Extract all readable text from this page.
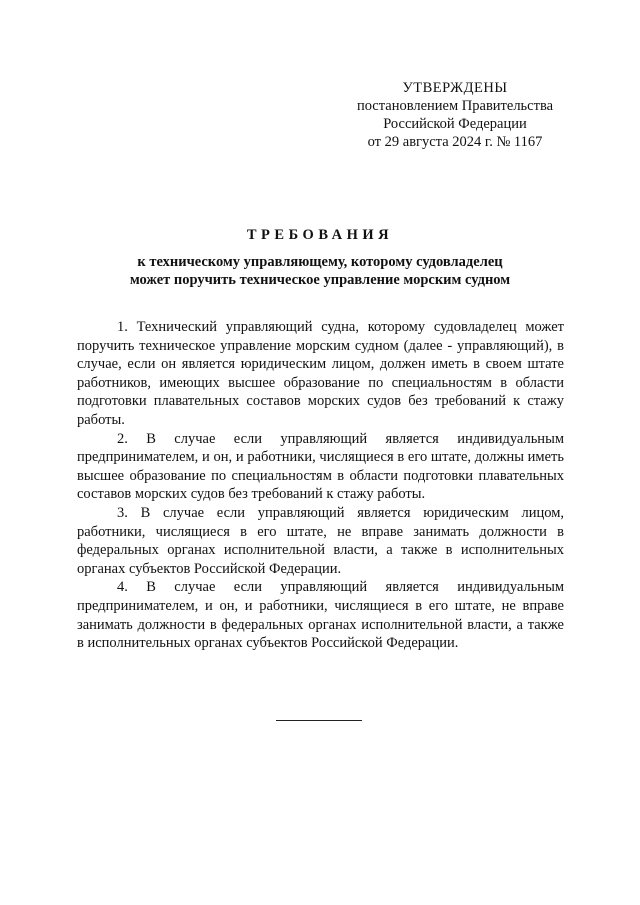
УТВЕРЖДЕНЫ
постановлением Правительства
Российской Федерации
от 29 августа 2024 г. № 1167
ТРЕБОВАНИЯ
к техническому управляющему, которому судовладелец
может поручить техническое управление морским судном

1. Технический управляющий судна, которому судовладелец может поручить техническое управление морским судном (далее - управляющий), в случае, если он является юридическим лицом, должен иметь в своем штате работников, имеющих высшее образование по специальностям в области подготовки плавательных составов морских судов без требований к стажу работы.

2. В случае если управляющий является индивидуальным предпринимателем, и он, и работники, числящиеся в его штате, должны иметь высшее образование по специальностям в области подготовки плавательных составов морских судов без требований к стажу работы.

3. В случае если управляющий является юридическим лицом, работники, числящиеся в его штате, не вправе занимать должности в федеральных органах исполнительной власти, а также в исполнительных органах субъектов Российской Федерации.

4. В случае если управляющий является индивидуальным предпринимателем, и он, и работники, числящиеся в его штате, не вправе занимать должности в федеральных органах исполнительной власти, а также в исполнительных органах субъектов Российской Федерации.
